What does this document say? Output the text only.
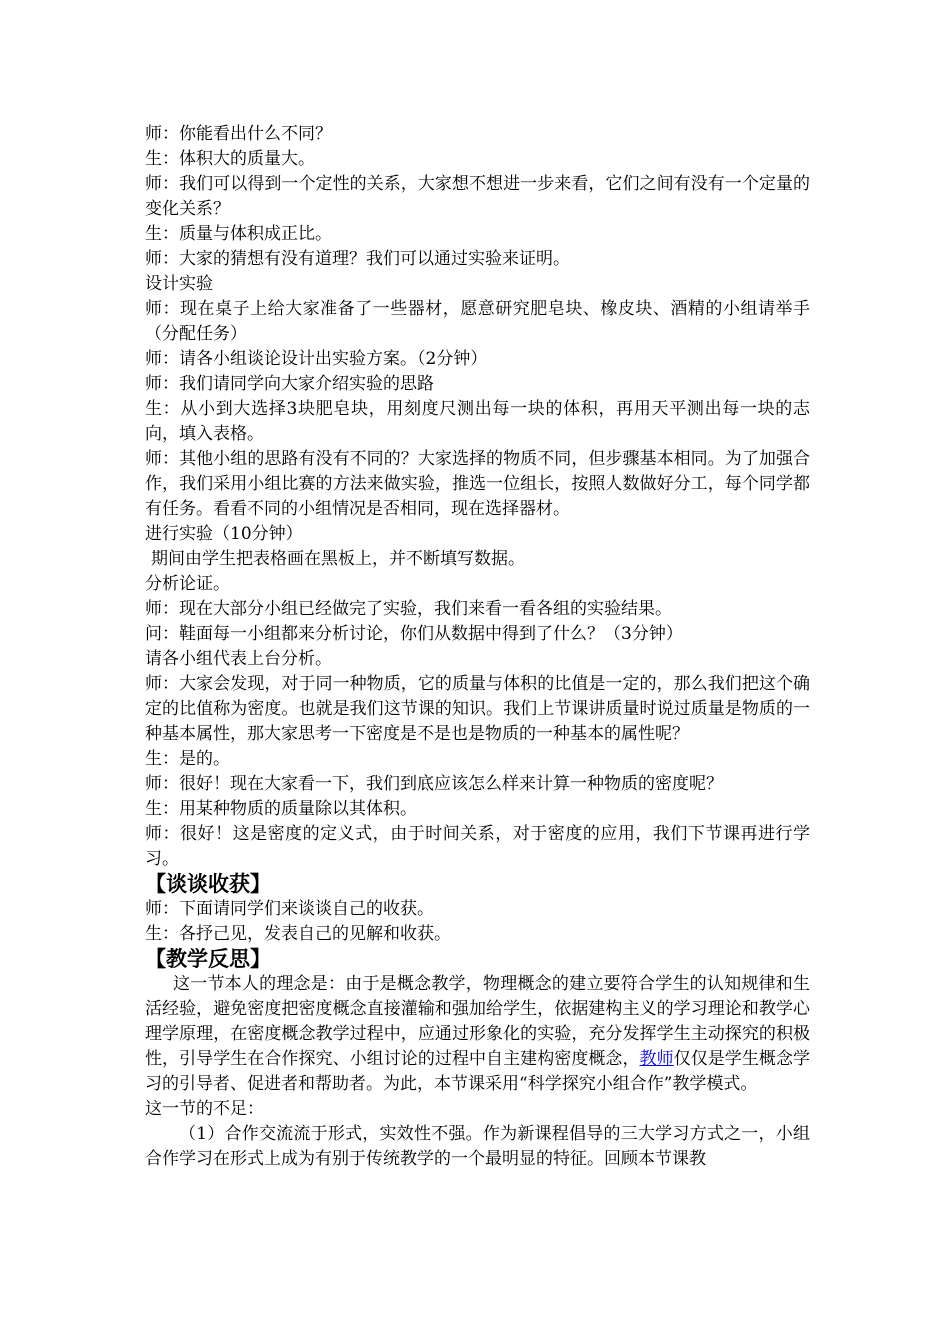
师：你能看出什么不同？

生：体积大的质量大。

师：我们可以得到一个定性的关系，大家想不想进一步来看，它们之间有没有一个定量的变化关系？

生：质量与体积成正比。

师：大家的猜想有没有道理？我们可以通过实验来证明。

设计实验

师：现在桌子上给大家准备了一些器材，愿意研究肥皂块、橡皮块、酒精的小组请举手（分配任务）

师：请各小组谈论设计出实验方案。（2分钟）

师：我们请同学向大家介绍实验的思路

生：从小到大选择3块肥皂块，用刻度尺测出每一块的体积，再用天平测出每一块的志向，填入表格。

师：其他小组的思路有没有不同的？大家选择的物质不同，但步骤基本相同。为了加强合作，我们采用小组比赛的方法来做实验，推选一位组长，按照人数做好分工，每个同学都有任务。看看不同的小组情况是否相同，现在选择器材。

进行实验（10分钟）

期间由学生把表格画在黑板上，并不断填写数据。

分析论证。

师：现在大部分小组已经做完了实验，我们来看一看各组的实验结果。

问：鞋面每一小组都来分析讨论，你们从数据中得到了什么？（3分钟）

请各小组代表上台分析。

师：大家会发现，对于同一种物质，它的质量与体积的比值是一定的，那么我们把这个确定的比值称为密度。也就是我们这节课的知识。我们上节课讲质量时说过质量是物质的一种基本属性，那大家思考一下密度是不是也是物质的一种基本的属性呢？

生：是的。

师：很好！现在大家看一下，我们到底应该怎么样来计算一种物质的密度呢？

生：用某种物质的质量除以其体积。

师：很好！这是密度的定义式，由于时间关系，对于密度的应用，我们下节课再进行学习。

【谈谈收获】

师：下面请同学们来谈谈自己的收获。

生：各抒己见，发表自己的见解和收获。

【教学反思】

这一节本人的理念是：由于是概念教学，物理概念的建立要符合学生的认知规律和生活经验，避免密度把密度概念直接灌输和强加给学生，依据建构主义的学习理论和教学心理学原理，在密度概念教学过程中，应通过形象化的实验，充分发挥学生主动探究的积极性，引导学生在合作探究、小组讨论的过程中自主建构密度概念，教师仅仅是学生概念学习的引导者、促进者和帮助者。为此，本节课采用“科学探究小组合作”教学模式。

这一节的不足：

（1）合作交流流于形式，实效性不强。作为新课程倡导的三大学习方式之一，小组合作学习在形式上成为有别于传统教学的一个最明显的特征。回顾本节课教
